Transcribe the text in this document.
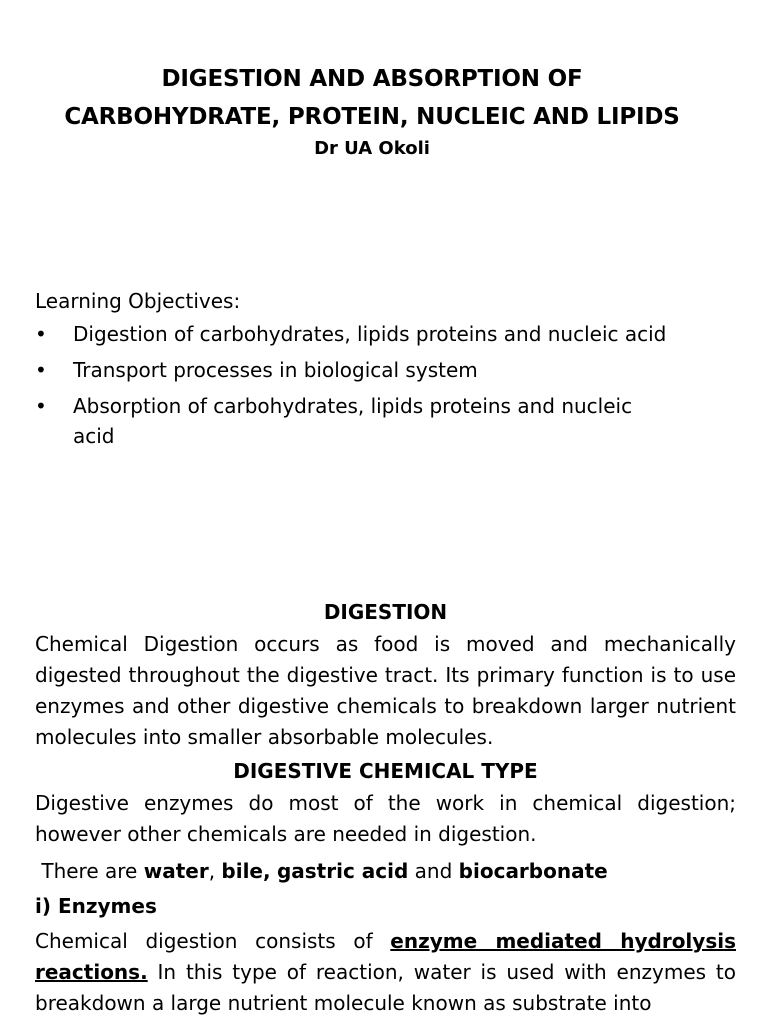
DIGESTION AND ABSORPTION OF
CARBOHYDRATE, PROTEIN, NUCLEIC AND LIPIDS
Dr UA Okoli
Learning Objectives:
•	Digestion of carbohydrates, lipids proteins and nucleic acid
•	Transport processes in biological system
•	Absorption of carbohydrates, lipids proteins and nucleic acid

DIGESTION

Chemical Digestion occurs as food is moved and mechanically digested throughout the digestive tract. Its primary function is to use enzymes and other digestive chemicals to breakdown larger nutrient molecules into smaller absorbable molecules.

DIGESTIVE CHEMICAL TYPE

Digestive enzymes do most of the work in chemical digestion; however other chemicals are needed in digestion.

There are water, bile, gastric acid and biocarbonate

i) Enzymes

Chemical digestion consists of enzyme mediated hydrolysis reactions. In this type of reaction, water is used with enzymes to breakdown a large nutrient molecule known as substrate into
